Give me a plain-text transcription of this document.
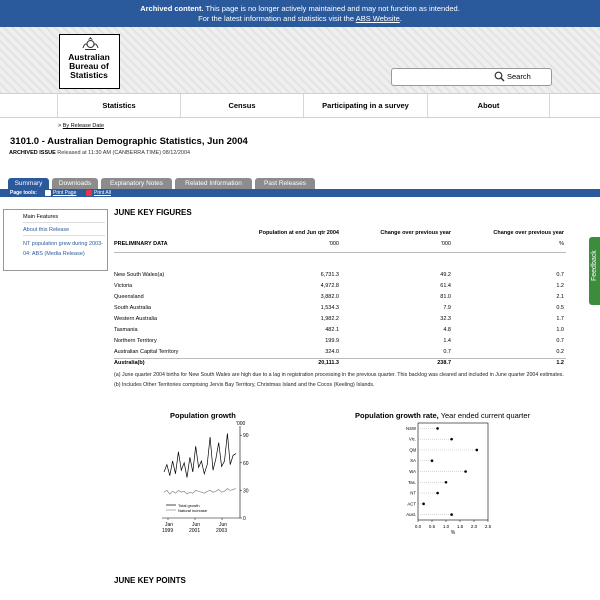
Archived content. This page is no longer actively maintained and may not function as intended.
For the latest information and statistics visit the ABS Website.
Australian
Bureau of
Statistics	Search
Statistics	Census	Participating in a survey	About
> By Release Date
3101.0 - Australian Demographic Statistics, Jun 2004
ARCHIVED ISSUE Released at 11:30 AM (CANBERRA TIME) 08/12/2004
Summary	Downloads	Explanatory Notes	Related Information	Past Releases
Page tools:	Print Page	Print All
Main Features
About this Release
NT population grew during 2003-04: ABS (Media Release)
JUNE KEY FIGURES
Population at end Jun qtr 2004	Change over previous year	Change over previous year
PRELIMINARY DATA	'000	'000	%
New South Wales(a)	6,731.3	49.2	0.7
Victoria	4,972.8	61.4	1.2
Queensland	3,882.0	81.0	2.1
South Australia	1,534.3	7.9	0.5
Western Australia	1,982.2	32.3	1.7
Tasmania	482.1	4.8	1.0
Northern Territory	199.9	1.4	0.7
Australian Capital Territory	324.0	0.7	0.2
Australia(b)	20,111.3	238.7	1.2
(a) June quarter 2004 births for New South Wales are high due to a lag in registration processing in the previous quarter. This backlog was cleared and included in June quarter 2004 estimates.
(b) Includes Other Territories comprising Jervis Bay Territory, Christmas Island and the Cocos (Keeling) Islands.
Population growth
'000
90
60
30
0
Jan
1999
Jun
2001
Jun
2003
Total growth
Natural increase
Population growth rate, Year ended current quarter
NSW
Vic.
Qld
SA
WA
Tas.
NT
ACT
Aust.
0.0 0.5 1.0 1.5 2.0 2.5
%
JUNE KEY POINTS
Feedback
